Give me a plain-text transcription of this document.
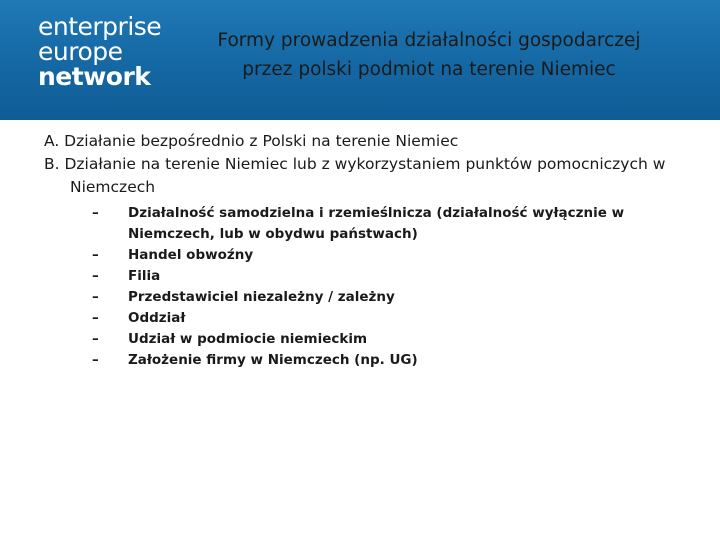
enterprise
europe
network
Formy prowadzenia działalności gospodarczej
przez polski podmiot na terenie Niemiec

A. Działanie bezpośrednio z Polski na terenie Niemiec

B. Działanie na terenie Niemiec lub z wykorzystaniem punktów pomocniczych w Niemczech

– Działalność samodzielna i rzemieślnicza (działalność wyłącznie w Niemczech, lub w obydwu państwach)
– Handel obwoźny
– Filia
– Przedstawiciel niezależny / zależny
– Oddział
– Udział w podmiocie niemieckim
– Założenie firmy w Niemczech (np. UG)
